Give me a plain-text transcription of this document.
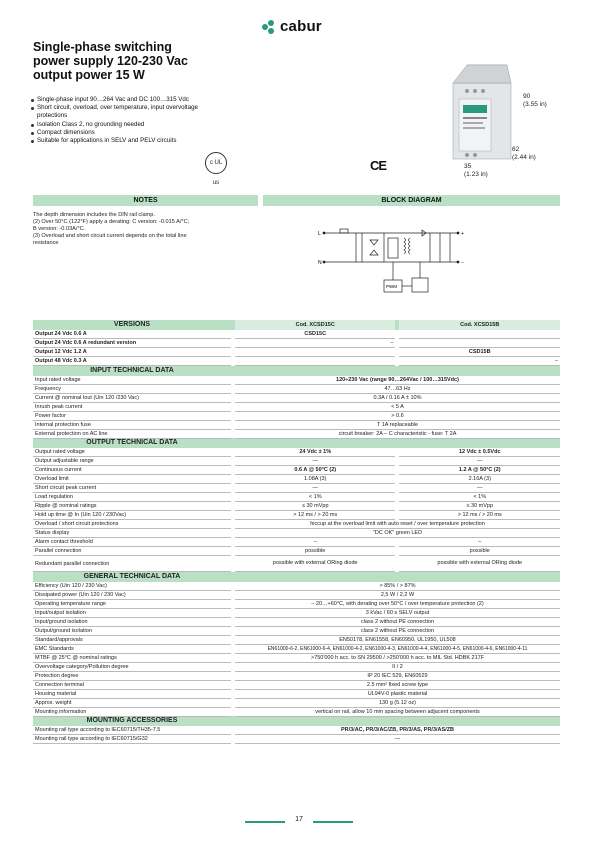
cabur
Single-phase switching
power supply 120-230 Vac
output power 15 W
Single-phase input 90…264 Vac and DC 100…315 Vdc
Short circuit, overload, over temperature, input overvoltage protections
Isolation Class 2, no grounding needed
Compact dimensions
Suitable for applications in SELV and PELV circuits
c UL us
CE
90
(3.55 in)
62
(2.44 in)
35
(1.23 in)
NOTES	BLOCK DIAGRAM
The depth dimension includes the DIN rail clamp.
(2) Over 50°C (122°F) apply a derating: C version: -0.015 A/°C;
B version: -0.03A/°C.
(3) Overload and short circuit current depends on the total line
resistance
L
N
PWM
+
−
VERSIONS		Cod. XCSD15C		Cod. XCSD15B
Output 24 Vdc 0.6 A		CSD15C		
Output 24 Vdc 0.6 A redundant version		–		
Output 12 Vdc 1.2 A				CSD15B
Output 48 Vdc 0.3 A				–
INPUT TECHNICAL DATA				
Input rated voltage		120÷230 Vac (range 90…264Vac / 100…315Vdc)		
Frequency		47…63 Hz		
Current @ nominal Iout (Uin 120 /230 Vac)		0.3A / 0.16 A ± 10%		
Inrush peak current		< 5 A		
Power factor		> 0.6		
Internal protection fuse		T 1A replaceable		
External protection on AC line		circuit breaker: 2A – C characteristic - fuse: T 2A		
OUTPUT TECHNICAL DATA				
Output rated voltage		24 Vdc ± 1%		12 Vdc ± 0.5Vdc
Output adjustable range		—		—
Continuous current		0.6 A @ 50°C (2)		1.2 A @ 50°C (2)
Overload limit		1.08A (3)		2.16A (3)
Short circuit peak current		—		—
Load regulation		< 1%		< 1%
Ripple @ nominal ratings		≤ 30 mVpp		≤ 30 mVpp
Hold up time @ In (Uin 120 / 230Vac)		> 12 ms / > 20 ms		> 12 ms / > 20 ms
Overload / short circuit protections		hiccup at the overload limit with auto reset / over temperature protection		
Status display		"DC OK" green LED		
Alarm contact threshold		–		–
Parallel connection		possible		possible
Redundant parallel connection		possible with external ORing diode		possible with external ORing diode
GENERAL TECHNICAL DATA				
Efficiency (Uin 120 / 230 Vac)		> 85% / > 87%		
Dissipated power (Uin 120 / 230 Vac)		2,5 W / 2,2 W		
Operating temperature range		– 20…+60°C, with derating over 50°C / over temperature protection (2)		
Input/output isolation		3 kVac / 60 s SELV output		
Input/ground isolation		class 2 without PE connection		
Output/ground isolation		class 2 without PE connection		
Standard/approvals		EN50178, EN61558, EN60950, UL1950, UL508		
EMC Standards		EN61000-6-2, EN61000-6-4, EN61000-4-2, EN61000-4-3, EN61000-4-4, EN61000-4-5, EN61000-4-6, EN61000-4-11		
MTBF @ 25°C @ nominal ratings		>750'000 h acc. to SN 29500 / >250'000 h acc. to MIL Std. HDBK 217F		
Overvoltage category/Pollution degree		II / 2		
Protection degree		IP 20 IEC 529, EN60529		
Connection terminal		2.5 mm² fixed screw type		
Housing material		UL94V-0 plastic material		
Approx. weight		130 g (5.12 oz)		
Mounting information		vertical on rail, allow 10 mm spacing between adjacent components		
MOUNTING ACCESSORIES				
Mounting rail type according to IEC60715/TH35-7.5		PR/3/AC, PR/3/AC/ZB, PR/3/AS, PR/3/AS/ZB		
Mounting rail type according to IEC60715/G32		—		
17
